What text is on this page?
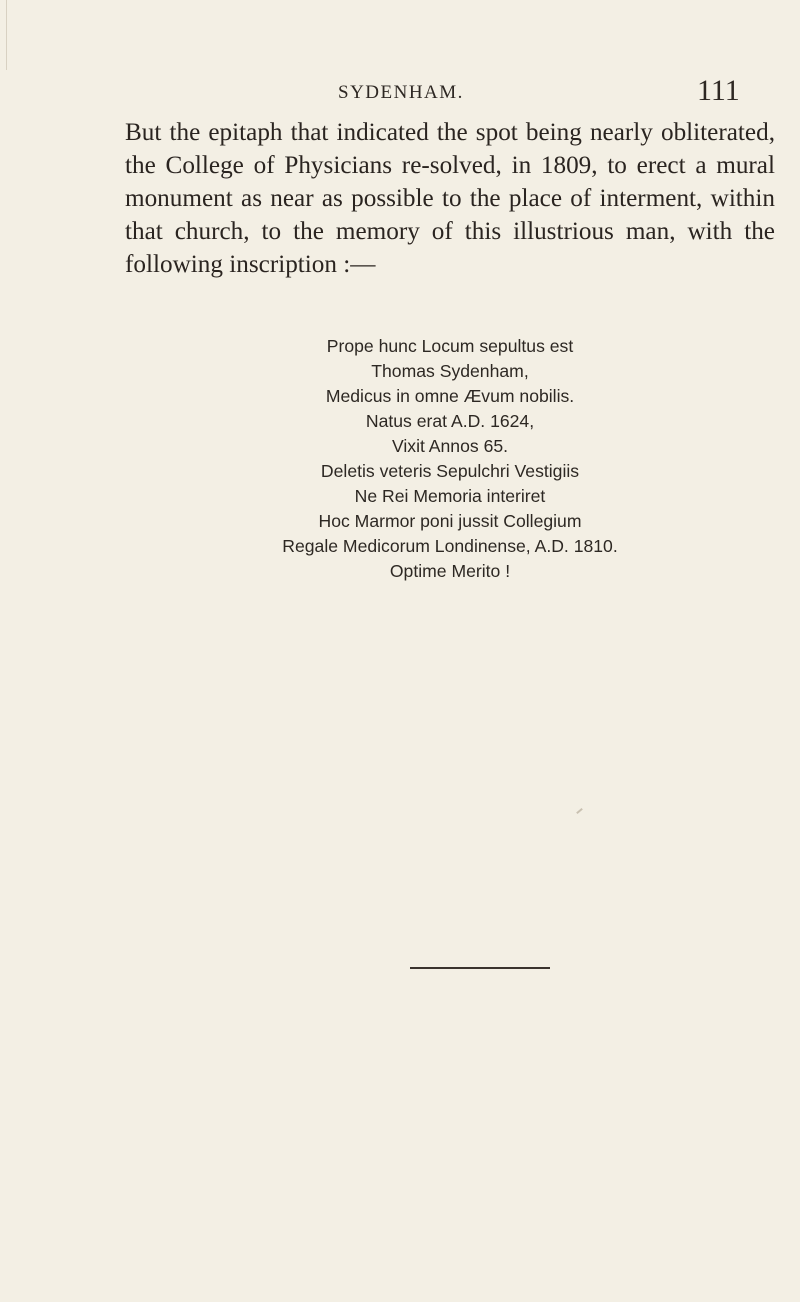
SYDENHAM.	111

But the epitaph that indicated the spot being nearly obliterated, the College of Physicians re-solved, in 1809, to erect a mural monument as near as possible to the place of interment, within that church, to the memory of this illustrious man, with the following inscription :—

Prope hunc Locum sepultus est
Thomas Sydenham,
Medicus in omne Ævum nobilis.
Natus erat A.D. 1624,
Vixit Annos 65.
Deletis veteris Sepulchri Vestigiis
Ne Rei Memoria interiret
Hoc Marmor poni jussit Collegium
Regale Medicorum Londinense, A.D. 1810.
Optime Merito !
